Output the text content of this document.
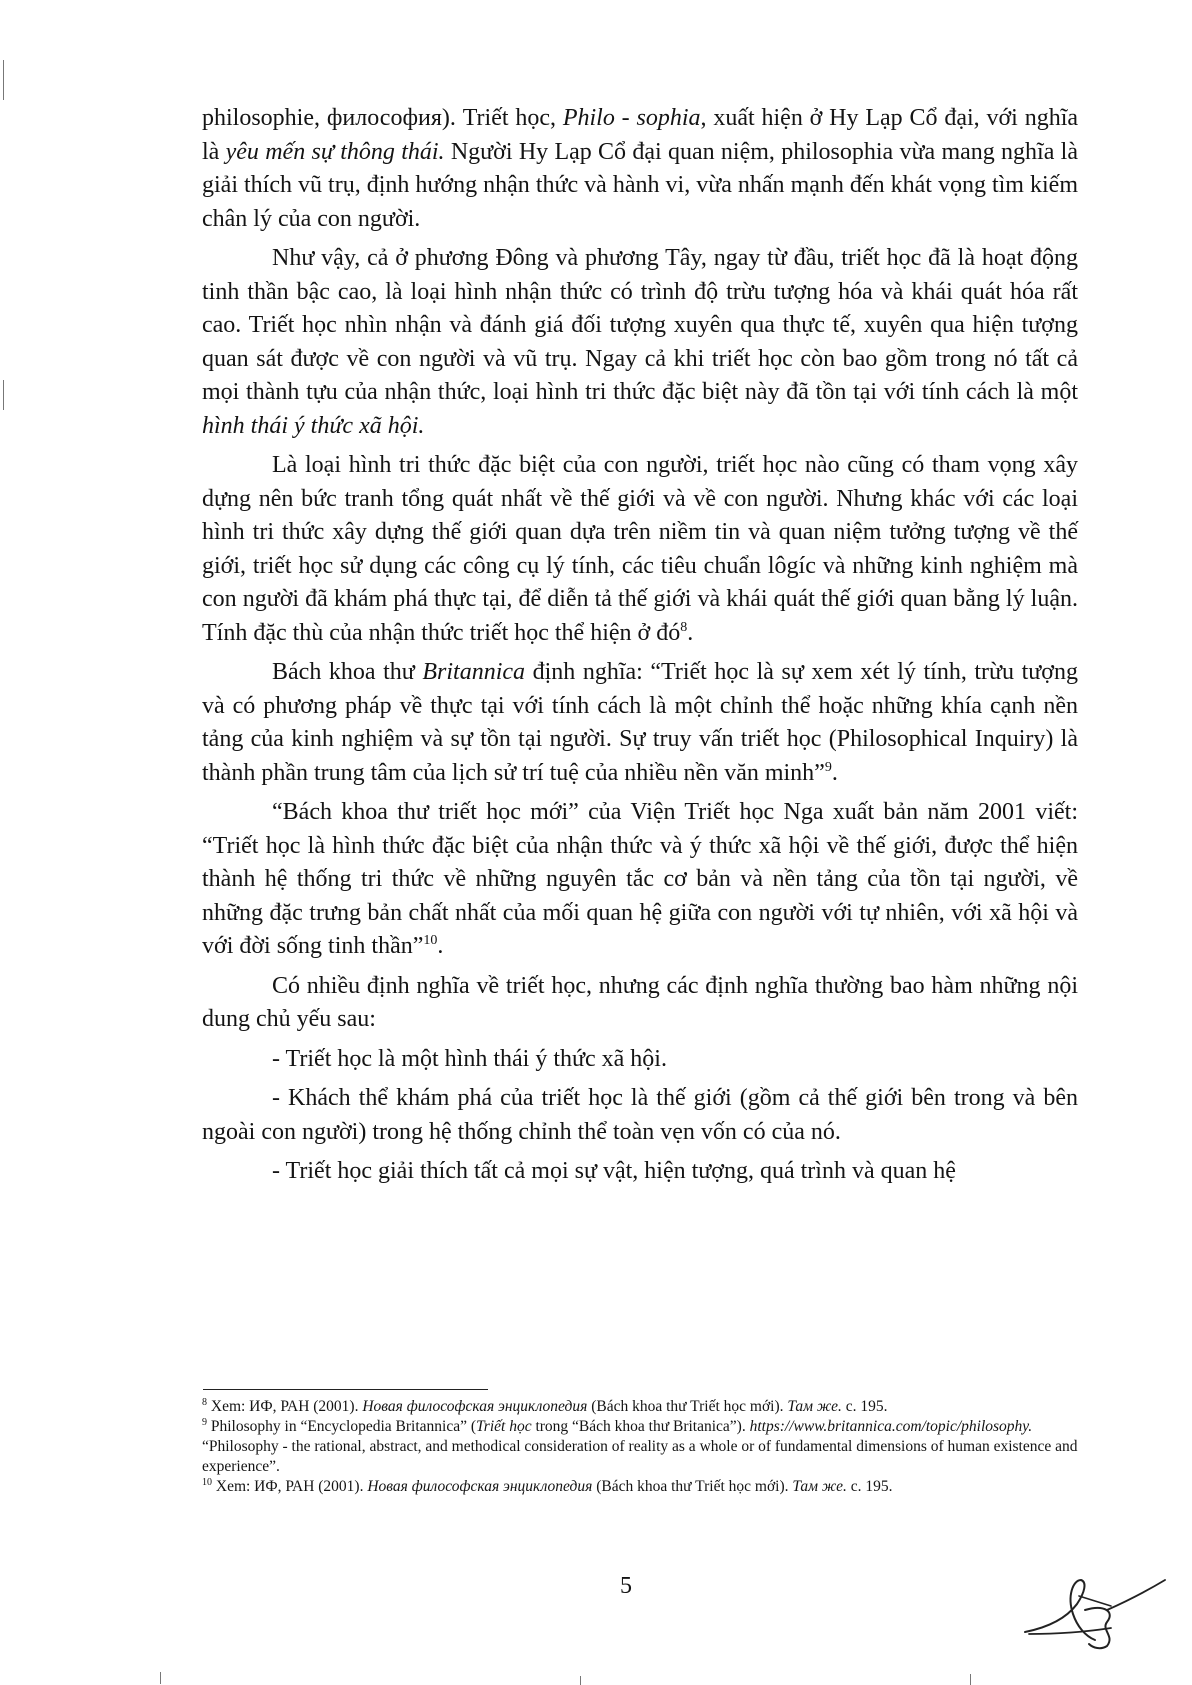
philosophie, философия). Triết học, Philo - sophia, xuất hiện ở Hy Lạp Cổ đại, với nghĩa là yêu mến sự thông thái. Người Hy Lạp Cổ đại quan niệm, philosophia vừa mang nghĩa là giải thích vũ trụ, định hướng nhận thức và hành vi, vừa nhấn mạnh đến khát vọng tìm kiếm chân lý của con người.

Như vậy, cả ở phương Đông và phương Tây, ngay từ đầu, triết học đã là hoạt động tinh thần bậc cao, là loại hình nhận thức có trình độ trừu tượng hóa và khái quát hóa rất cao. Triết học nhìn nhận và đánh giá đối tượng xuyên qua thực tế, xuyên qua hiện tượng quan sát được về con người và vũ trụ. Ngay cả khi triết học còn bao gồm trong nó tất cả mọi thành tựu của nhận thức, loại hình tri thức đặc biệt này đã tồn tại với tính cách là một hình thái ý thức xã hội.

Là loại hình tri thức đặc biệt của con người, triết học nào cũng có tham vọng xây dựng nên bức tranh tổng quát nhất về thế giới và về con người. Nhưng khác với các loại hình tri thức xây dựng thế giới quan dựa trên niềm tin và quan niệm tưởng tượng về thế giới, triết học sử dụng các công cụ lý tính, các tiêu chuẩn lôgíc và những kinh nghiệm mà con người đã khám phá thực tại, để diễn tả thế giới và khái quát thế giới quan bằng lý luận. Tính đặc thù của nhận thức triết học thể hiện ở $đó^8$.

Bách khoa thư Britannica định nghĩa: “Triết học là sự xem xét lý tính, trừu tượng và có phương pháp về thực tại với tính cách là một chỉnh thể hoặc những khía cạnh nền tảng của kinh nghiệm và sự tồn tại người. Sự truy vấn triết học (Philosophical Inquiry) là thành phần trung tâm của lịch sử trí tuệ của nhiều nền văn minh”$^9$.

“Bách khoa thư triết học mới” của Viện Triết học Nga xuất bản năm 2001 viết: “Triết học là hình thức đặc biệt của nhận thức và ý thức xã hội về thế giới, được thể hiện thành hệ thống tri thức về những nguyên tắc cơ bản và nền tảng của tồn tại người, về những đặc trưng bản chất nhất của mối quan hệ giữa con người với tự nhiên, với xã hội và với đời sống tinh thần”$^{10}$.

Có nhiều định nghĩa về triết học, nhưng các định nghĩa thường bao hàm những nội dung chủ yếu sau:

- Triết học là một hình thái ý thức xã hội.

- Khách thể khám phá của triết học là thế giới (gồm cả thế giới bên trong và bên ngoài con người) trong hệ thống chỉnh thể toàn vẹn vốn có của nó.

- Triết học giải thích tất cả mọi sự vật, hiện tượng, quá trình và quan hệ

$^8$ Xem: ИФ, РАН (2001). Новая философская энциклопедия (Bách khoa thư Triết học mới). Там же. c. 195.

$^9$ Philosophy in “Encyclopedia Britannica” (Triết học trong “Bách khoa thư Britanica”). https://www.britannica.com/topic/philosophy. “Philosophy - the rational, abstract, and methodical consideration of reality as a whole or of fundamental dimensions of human existence and experience”.

$^{10}$ Xem: ИФ, РАН (2001). Новая философская энциклопедия (Bách khoa thư Triết học mới). Там же. c. 195.

5
